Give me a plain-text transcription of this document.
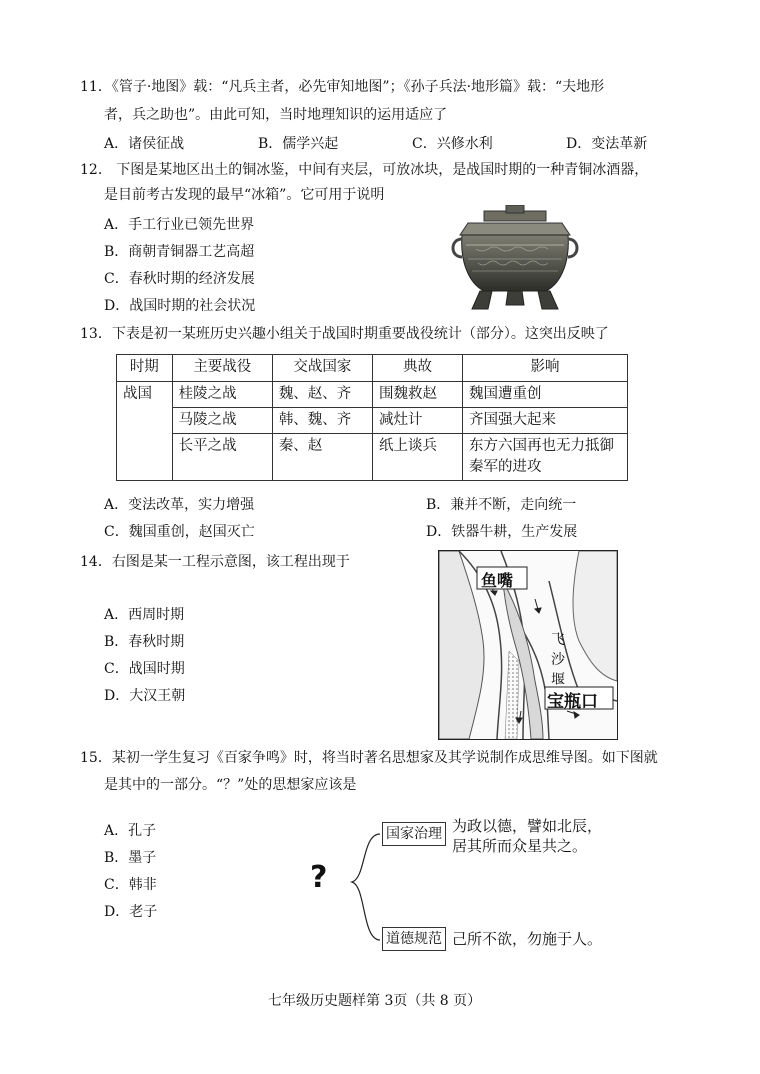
11．《管子·地图》载：“凡兵主者，必先审知地图”；《孙子兵法·地形篇》载：“夫地形
者，兵之助也”。由此可知，当时地理知识的运用适应了
A．诸侯征战	B．儒学兴起	C．兴修水利	D．变法革新
12． 下图是某地区出土的铜冰鉴，中间有夹层，可放冰块，是战国时期的一种青铜冰酒器，
是目前考古发现的最早“冰箱”。它可用于说明
A．手工行业已领先世界
B．商朝青铜器工艺高超
C．春秋时期的经济发展
D．战国时期的社会状况
13．下表是初一某班历史兴趣小组关于战国时期重要战役统计（部分）。这突出反映了
时期	主要战役	交战国家	典故	影响
战国	桂陵之战	魏、赵、齐	围魏救赵	魏国遭重创
	马陵之战	韩、魏、齐	减灶计	齐国强大起来
	长平之战	秦、赵	纸上谈兵	东方六国再也无力抵御秦军的进攻
A．变法改革，实力增强	B．兼并不断，走向统一
C．魏国重创，赵国灭亡	D．铁器牛耕，生产发展
14．右图是某一工程示意图，该工程出现于
A．西周时期
B．春秋时期
C．战国时期
D．大汉王朝
鱼嘴
飞
沙
堰
宝瓶口
15．某初一学生复习《百家争鸣》时，将当时著名思想家及其学说制作成思维导图。如下图就
是其中的一部分。“？”处的思想家应该是
A．孔子
B．墨子
C．韩非
D．老子
?
国家治理 为政以德，譬如北辰，
居其所而众星共之。
道德规范 己所不欲，勿施于人。
七年级历史题样第 3页（共 8 页）
